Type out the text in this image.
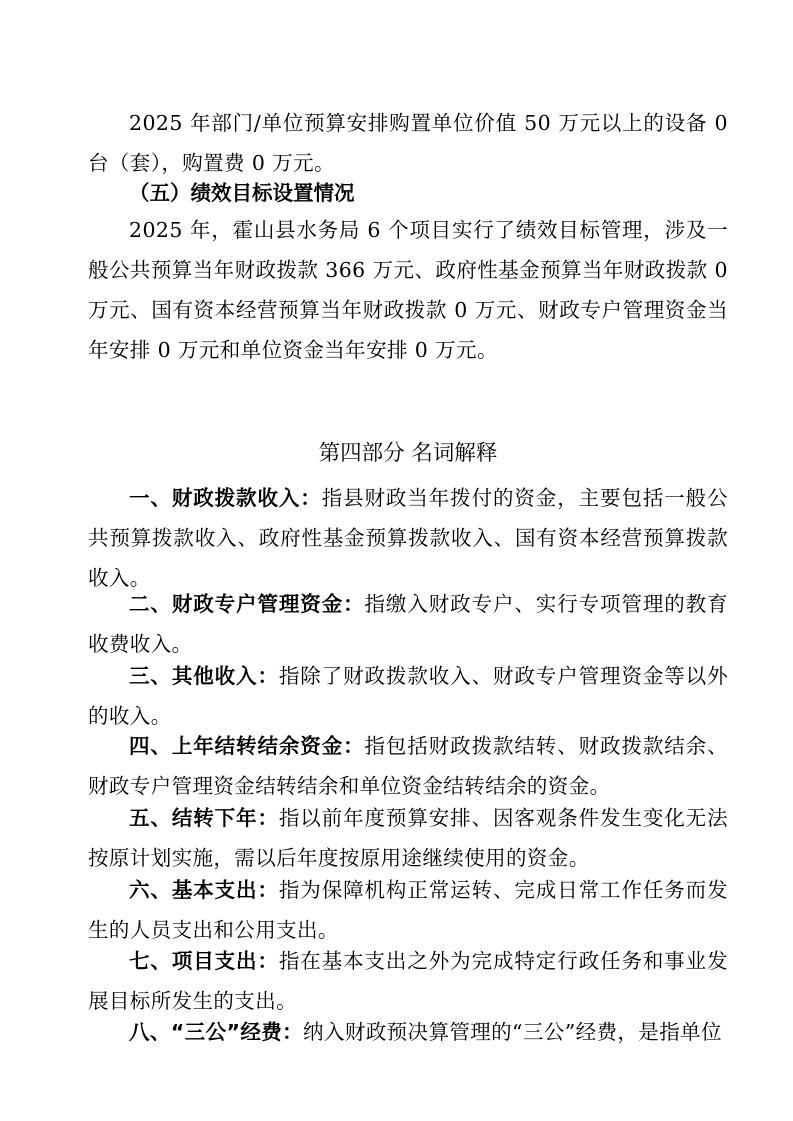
2025 年部门/单位预算安排购置单位价值 50 万元以上的设备 0 台（套），购置费 0 万元。

（五）绩效目标设置情况

2025 年，霍山县水务局 6 个项目实行了绩效目标管理，涉及一般公共预算当年财政拨款 366 万元、政府性基金预算当年财政拨款 0 万元、国有资本经营预算当年财政拨款 0 万元、财政专户管理资金当年安排 0 万元和单位资金当年安排 0 万元。

第四部分 名词解释

一、财政拨款收入：指县财政当年拨付的资金，主要包括一般公共预算拨款收入、政府性基金预算拨款收入、国有资本经营预算拨款收入。

二、财政专户管理资金：指缴入财政专户、实行专项管理的教育收费收入。

三、其他收入：指除了财政拨款收入、财政专户管理资金等以外的收入。

四、上年结转结余资金：指包括财政拨款结转、财政拨款结余、财政专户管理资金结转结余和单位资金结转结余的资金。

五、结转下年：指以前年度预算安排、因客观条件发生变化无法按原计划实施，需以后年度按原用途继续使用的资金。

六、基本支出：指为保障机构正常运转、完成日常工作任务而发生的人员支出和公用支出。

七、项目支出：指在基本支出之外为完成特定行政任务和事业发展目标所发生的支出。

八、“三公”经费：纳入财政预决算管理的“三公”经费，是指单位
